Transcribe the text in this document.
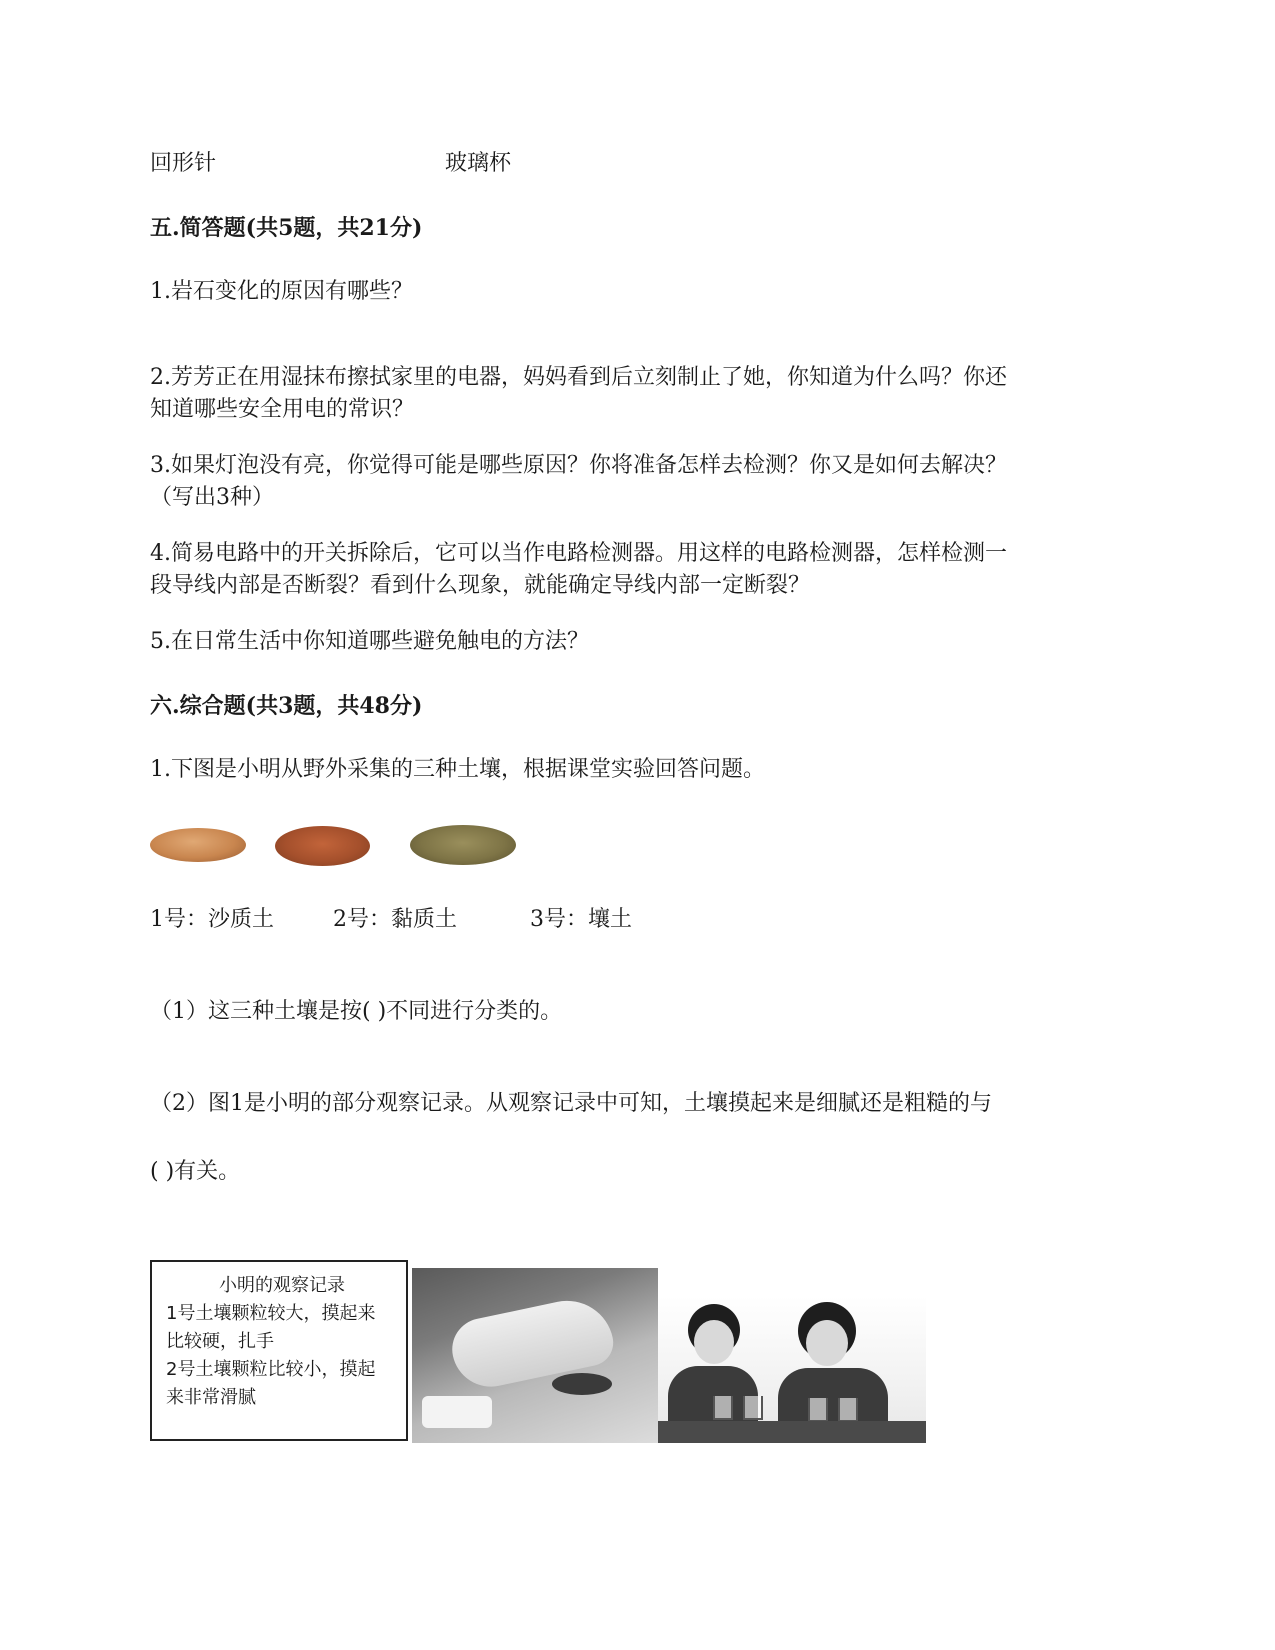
回形针	玻璃杯
五.简答题(共5题，共21分)
1.岩石变化的原因有哪些？
2.芳芳正在用湿抹布擦拭家里的电器，妈妈看到后立刻制止了她，你知道为什么吗？你还
知道哪些安全用电的常识？
3.如果灯泡没有亮，你觉得可能是哪些原因？你将准备怎样去检测？你又是如何去解决？
（写出3种）
4.简易电路中的开关拆除后，它可以当作电路检测器。用这样的电路检测器，怎样检测一
段导线内部是否断裂？看到什么现象，就能确定导线内部一定断裂？
5.在日常生活中你知道哪些避免触电的方法？
六.综合题(共3题，共48分)
1.下图是小明从野外采集的三种土壤，根据课堂实验回答问题。
1号：沙质土	2号：黏质土	3号：壤土
（1）这三种土壤是按( )不同进行分类的。
（2）图1是小明的部分观察记录。从观察记录中可知，土壤摸起来是细腻还是粗糙的与
( )有关。
小明的观察记录
1号土壤颗粒较大，摸起来
比较硬，扎手
2号土壤颗粒比较小，摸起
来非常滑腻
